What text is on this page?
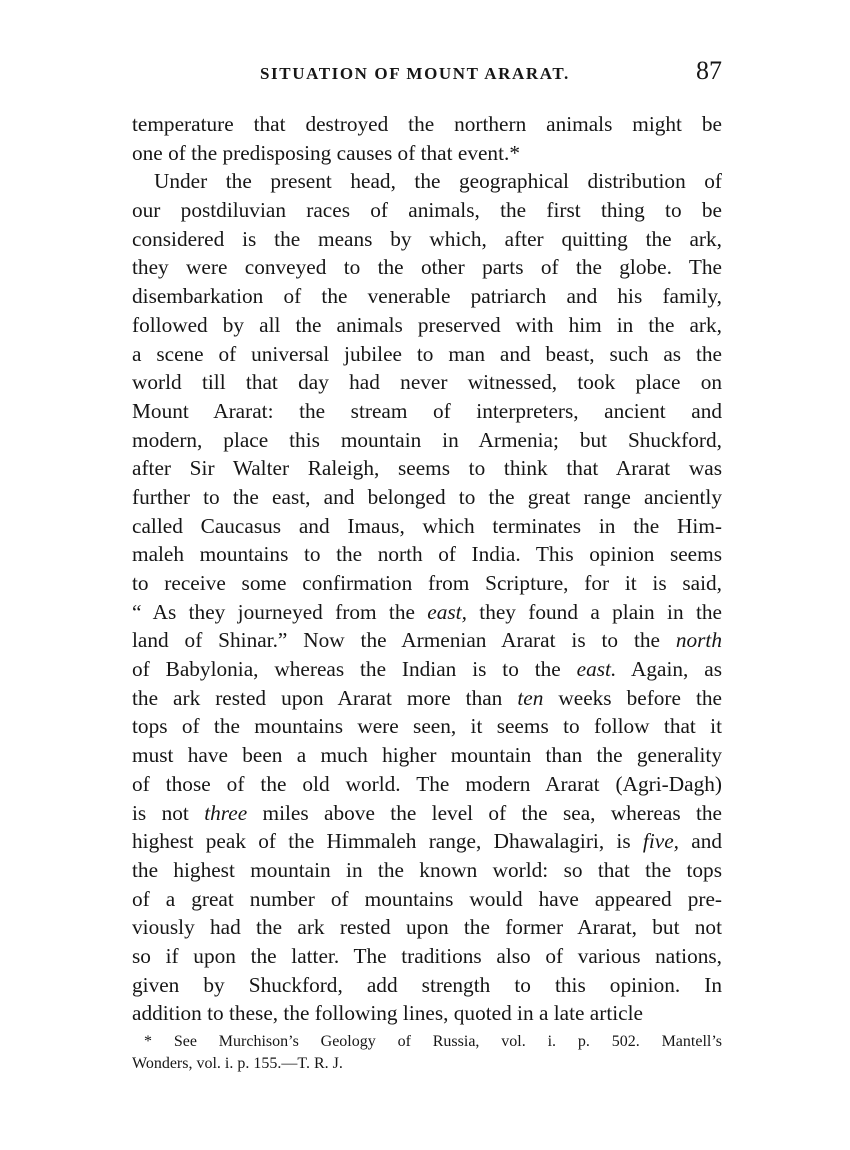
SITUATION OF MOUNT ARARAT.	87
temperature that destroyed the northern animals might be
one of the predisposing causes of that event.*
Under the present head, the geographical distribution of
our postdiluvian races of animals, the first thing to be
considered is the means by which, after quitting the ark,
they were conveyed to the other parts of the globe. The
disembarkation of the venerable patriarch and his family,
followed by all the animals preserved with him in the ark,
a scene of universal jubilee to man and beast, such as the
world till that day had never witnessed, took place on
Mount Ararat: the stream of interpreters, ancient and
modern, place this mountain in Armenia; but Shuckford,
after Sir Walter Raleigh, seems to think that Ararat was
further to the east, and belonged to the great range anciently
called Caucasus and Imaus, which terminates in the Him-
maleh mountains to the north of India. This opinion seems
to receive some confirmation from Scripture, for it is said,
“ As they journeyed from the east, they found a plain in the
land of Shinar.” Now the Armenian Ararat is to the north
of Babylonia, whereas the Indian is to the east. Again, as
the ark rested upon Ararat more than ten weeks before the
tops of the mountains were seen, it seems to follow that it
must have been a much higher mountain than the generality
of those of the old world. The modern Ararat (Agri-Dagh)
is not three miles above the level of the sea, whereas the
highest peak of the Himmaleh range, Dhawalagiri, is five, and
the highest mountain in the known world: so that the tops
of a great number of mountains would have appeared pre-
viously had the ark rested upon the former Ararat, but not
so if upon the latter. The traditions also of various nations,
given by Shuckford, add strength to this opinion. In
addition to these, the following lines, quoted in a late article
* See Murchison’s Geology of Russia, vol. i. p. 502. Mantell’s
Wonders, vol. i. p. 155.—T. R. J.
